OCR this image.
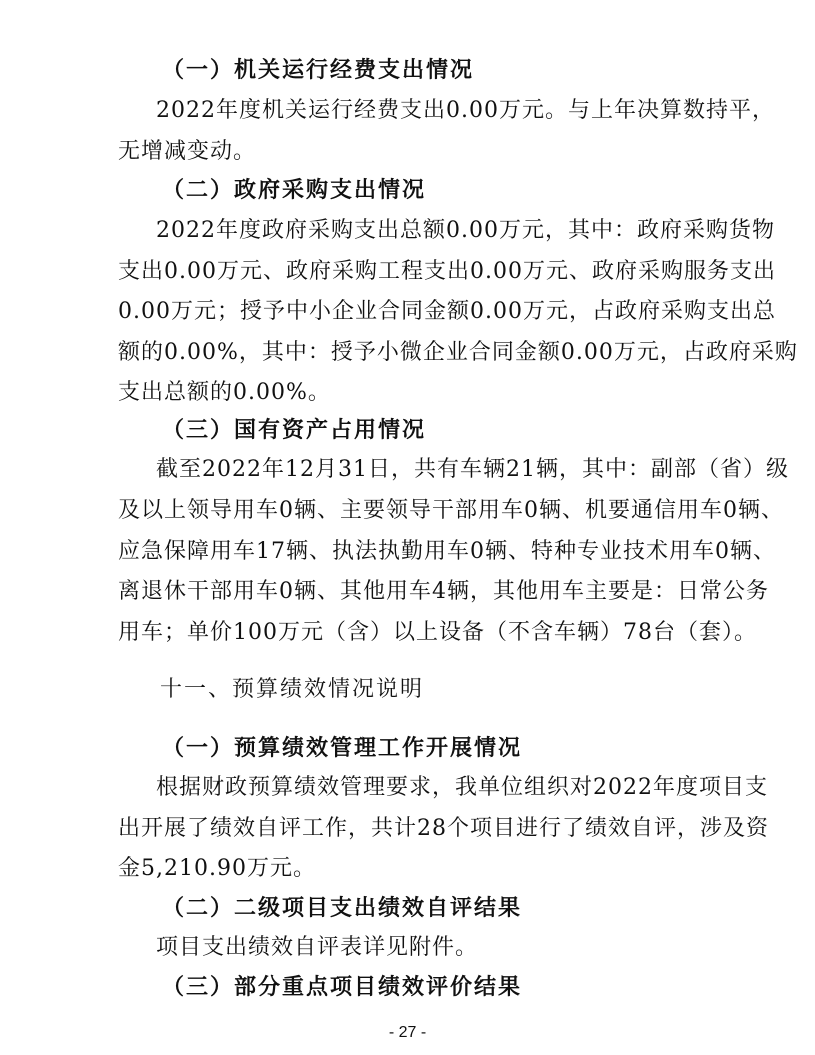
（一）机关运行经费支出情况
2022年度机关运行经费支出0.00万元。与上年决算数持平，
无增减变动。
（二）政府采购支出情况
2022年度政府采购支出总额0.00万元，其中：政府采购货物
支出0.00万元、政府采购工程支出0.00万元、政府采购服务支出
0.00万元；授予中小企业合同金额0.00万元，占政府采购支出总
额的0.00%，其中：授予小微企业合同金额0.00万元，占政府采购
支出总额的0.00%。
（三）国有资产占用情况
截至2022年12月31日，共有车辆21辆，其中：副部（省）级
及以上领导用车0辆、主要领导干部用车0辆、机要通信用车0辆、
应急保障用车17辆、执法执勤用车0辆、特种专业技术用车0辆、
离退休干部用车0辆、其他用车4辆，其他用车主要是：日常公务
用车；单价100万元（含）以上设备（不含车辆）78台（套）。
十一、预算绩效情况说明
（一）预算绩效管理工作开展情况
根据财政预算绩效管理要求，我单位组织对2022年度项目支
出开展了绩效自评工作，共计28个项目进行了绩效自评，涉及资
金5,210.90万元。
（二）二级项目支出绩效自评结果
项目支出绩效自评表详见附件。
（三）部分重点项目绩效评价结果
- 27 -
